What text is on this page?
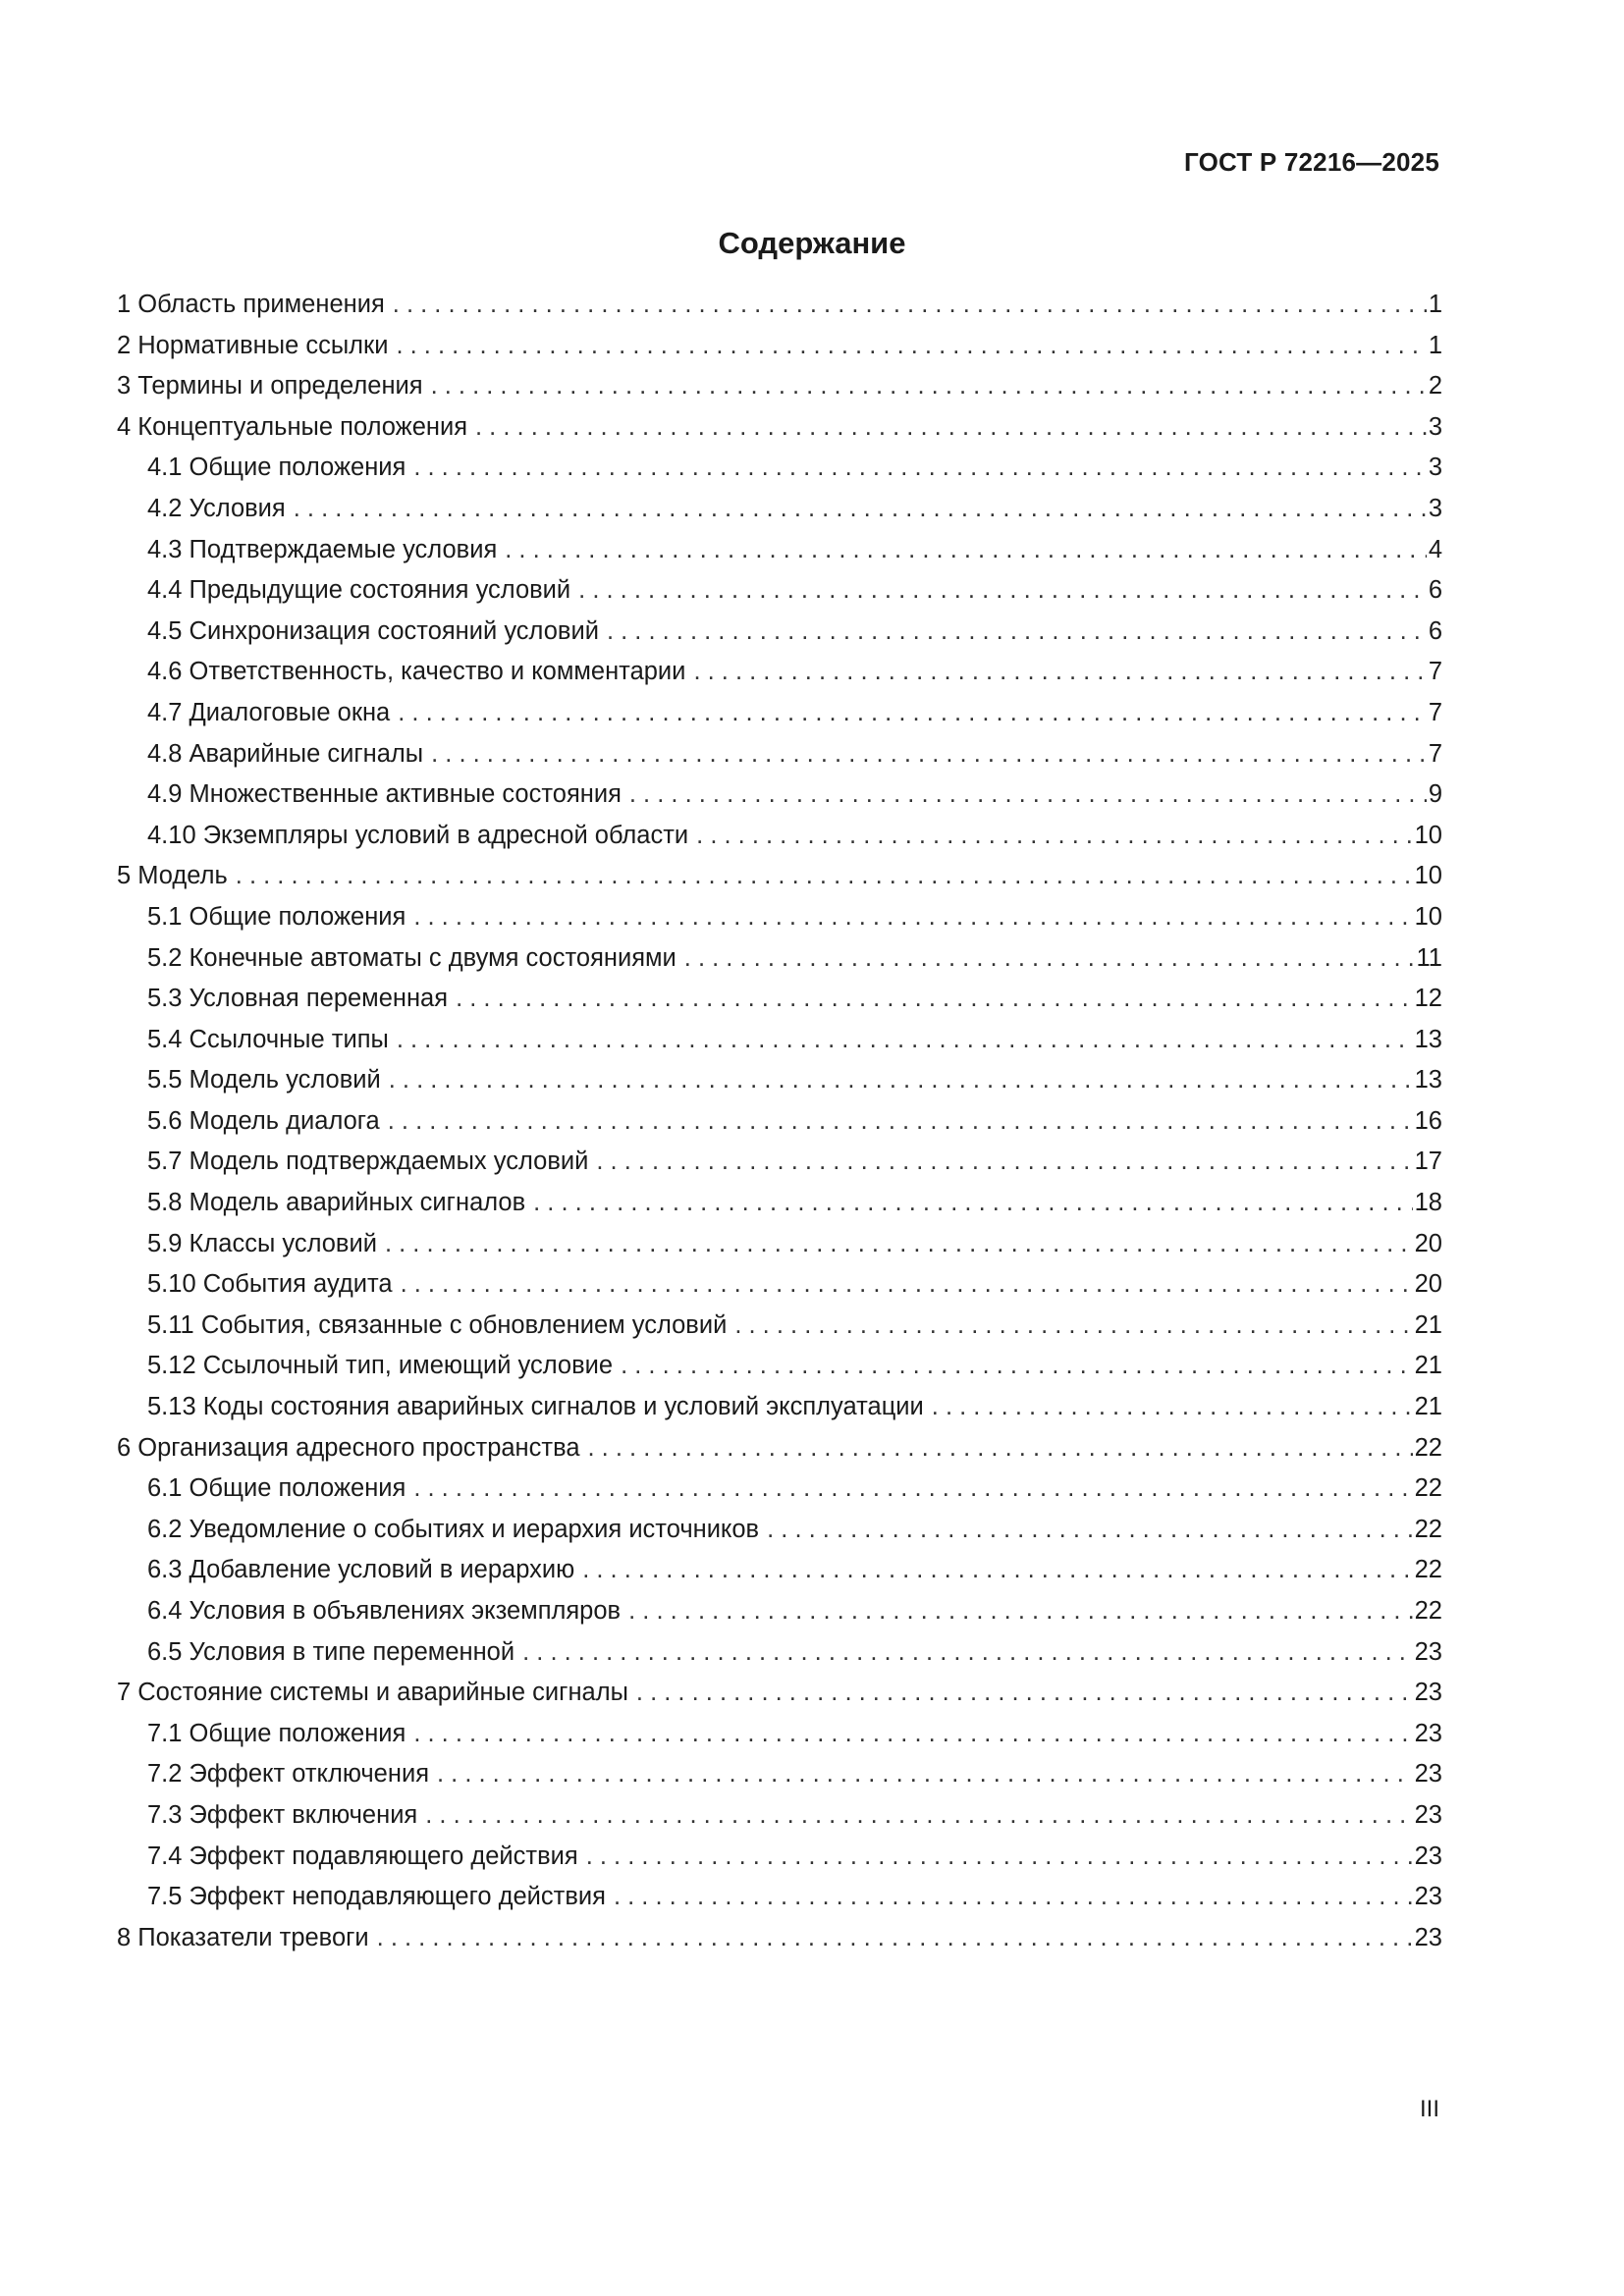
ГОСТ Р 72216—2025
Содержание
1 Область применения . . .	1
2 Нормативные ссылки . . .	1
3 Термины и определения . . .	2
4 Концептуальные положения . . .	3
4.1 Общие положения . . .	3
4.2 Условия . . .	3
4.3 Подтверждаемые условия . . .	4
4.4 Предыдущие состояния условий . . .	6
4.5 Синхронизация состояний условий . . .	6
4.6 Ответственность, качество и комментарии . . .	7
4.7 Диалоговые окна . . .	7
4.8 Аварийные сигналы . . .	7
4.9 Множественные активные состояния . . .	9
4.10 Экземпляры условий в адресной области . . .	10
5 Модель . . .	10
5.1 Общие положения . . .	10
5.2 Конечные автоматы с двумя состояниями . . .	11
5.3 Условная переменная . . .	12
5.4 Ссылочные типы . . .	13
5.5 Модель условий . . .	13
5.6 Модель диалога . . .	16
5.7 Модель подтверждаемых условий . . .	17
5.8 Модель аварийных сигналов . . .	18
5.9 Классы условий . . .	20
5.10 События аудита . . .	20
5.11 События, связанные с обновлением условий . . .	21
5.12 Ссылочный тип, имеющий условие . . .	21
5.13 Коды состояния аварийных сигналов и условий эксплуатации . . .	21
6 Организация адресного пространства . . .	22
6.1 Общие положения . . .	22
6.2 Уведомление о событиях и иерархия источников . . .	22
6.3 Добавление условий в иерархию . . .	22
6.4 Условия в объявлениях экземпляров . . .	22
6.5 Условия в типе переменной . . .	23
7 Состояние системы и аварийные сигналы . . .	23
7.1 Общие положения . . .	23
7.2 Эффект отключения . . .	23
7.3 Эффект включения . . .	23
7.4 Эффект подавляющего действия . . .	23
7.5 Эффект неподавляющего действия . . .	23
8 Показатели тревоги . . .	23
III
